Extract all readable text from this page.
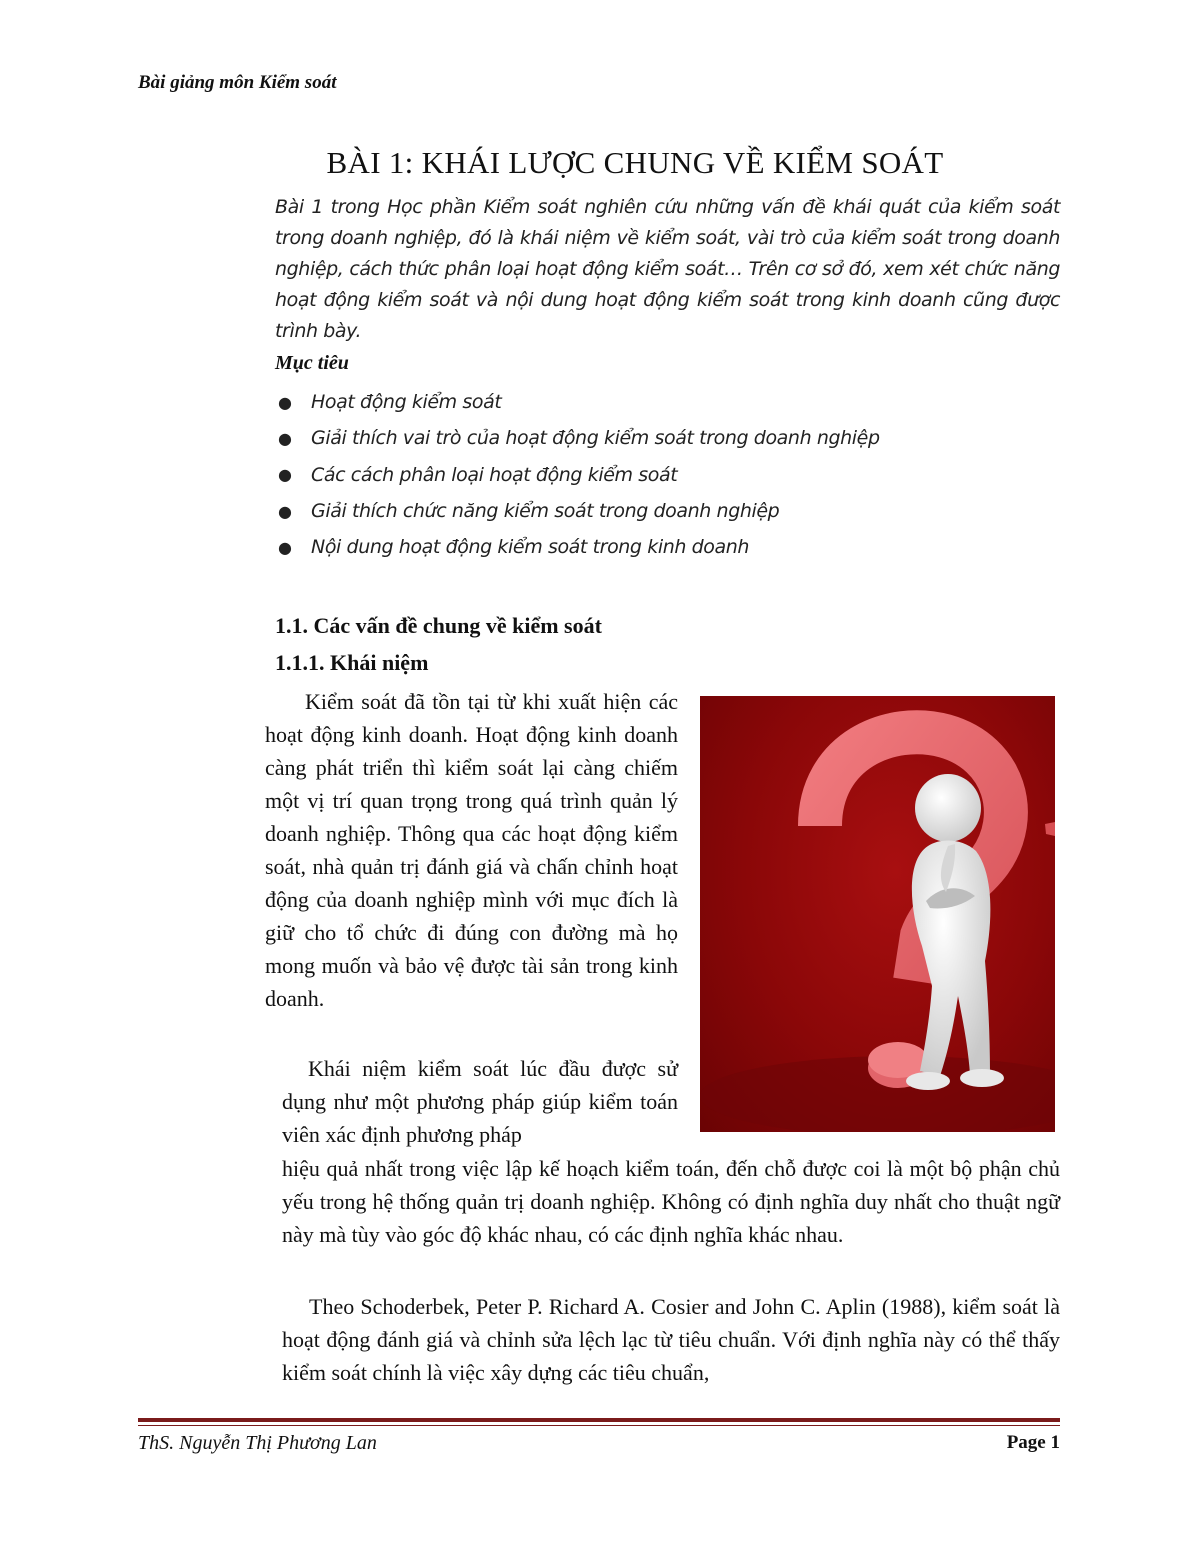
Bài giảng môn Kiểm soát
BÀI 1: KHÁI LƯỢC CHUNG VỀ KIỂM SOÁT

Bài 1 trong Học phần Kiểm soát nghiên cứu những vấn đề khái quát của kiểm soát trong doanh nghiệp, đó là khái niệm về kiểm soát, vài trò của kiểm soát trong doanh nghiệp, cách thức phân loại hoạt động kiểm soát… Trên cơ sở đó, xem xét chức năng hoạt động kiểm soát và nội dung hoạt động kiểm soát trong kinh doanh cũng được trình bày.

Mục tiêu
●	Hoạt động kiểm soát
●	Giải thích vai trò của hoạt động kiểm soát trong doanh nghiệp
●	Các cách phân loại hoạt động kiểm soát
●	Giải thích chức năng kiểm soát trong doanh nghiệp
●	Nội dung hoạt động kiểm soát trong kinh doanh
1.1. Các vấn đề chung về kiểm soát
1.1.1. Khái niệm

Kiểm soát đã tồn tại từ khi xuất hiện các hoạt động kinh doanh. Hoạt động kinh doanh càng phát triển thì kiểm soát lại càng chiếm một vị trí quan trọng trong quá trình quản lý doanh nghiệp. Thông qua các hoạt động kiểm soát, nhà quản trị đánh giá và chấn chỉnh hoạt động của doanh nghiệp mình với mục đích là giữ cho tổ chức đi đúng con đường mà họ mong muốn và bảo vệ được tài sản trong kinh doanh.

Khái niệm kiểm soát lúc đầu được sử dụng như một phương pháp giúp kiểm toán viên xác định phương pháp

hiệu quả nhất trong việc lập kế hoạch kiểm toán, đến chỗ được coi là một bộ phận chủ yếu trong hệ thống quản trị doanh nghiệp. Không có định nghĩa duy nhất cho thuật ngữ này mà tùy vào góc độ khác nhau, có các định nghĩa khác nhau.

Theo Schoderbek, Peter P. Richard A. Cosier and John C. Aplin (1988), kiểm soát là hoạt động đánh giá và chỉnh sửa lệch lạc từ tiêu chuẩn. Với định nghĩa này có thể thấy kiểm soát chính là việc xây dựng các tiêu chuẩn,

ThS. Nguyễn Thị Phương Lan	Page 1
